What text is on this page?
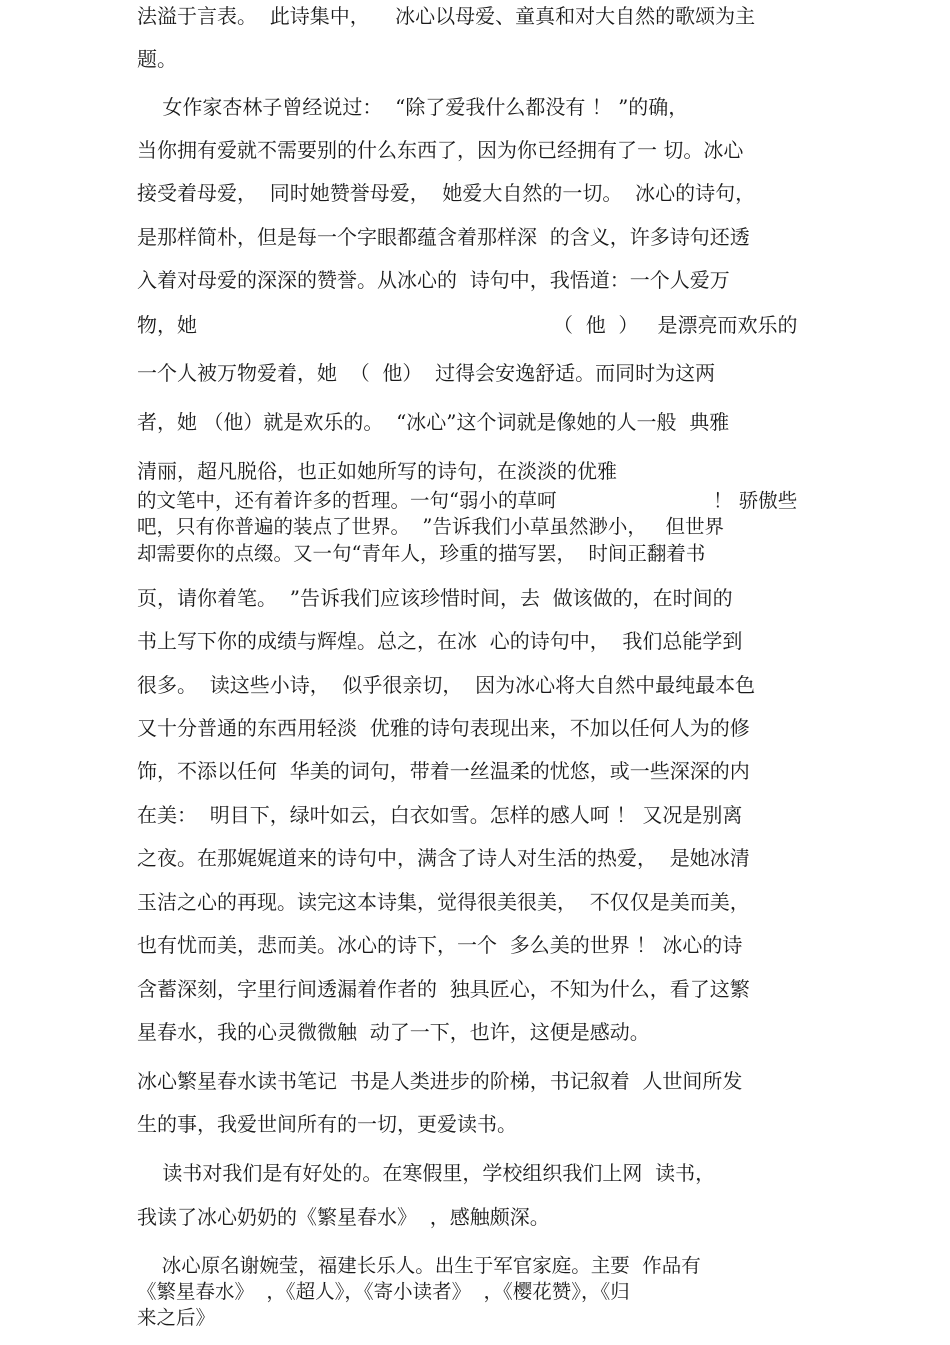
法溢于言表。  此诗集中，    冰心以母爱、童真和对大自然的歌颂为主
题。
女作家杏林子曾经说过：  “除了爱我什么都没有 ！ ”的确，
当你拥有爱就不需要别的什么东西了，因为你已经拥有了一 切。冰心
接受着母爱，  同时她赞誉母爱，  她爱大自然的一切。  冰心的诗句，
是那样简朴，但是每一个字眼都蕴含着那样深  的含义，许多诗句还透
入着对母爱的深深的赞誉。从冰心的  诗句中，我悟道：一个人爱万
物，她	（  他  ）   是漂亮而欢乐的
一个人被万物爱着，她  （  他）  过得会安逸舒适。而同时为这两
者，她 （他）就是欢乐的。  “冰心”这个词就是像她的人一般  典雅
清丽，超凡脱俗，也正如她所写的诗句，在淡淡的优雅
的文笔中，还有着许多的哲理。一句“弱小的草呵	！ 骄傲些
吧，只有你普遍的装点了世界。  ”告诉我们小草虽然渺小，   但世界
却需要你的点缀。又一句“青年人，珍重的描写罢，  时间正翻着书
页，请你着笔。  ”告诉我们应该珍惜时间，去  做该做的，在时间的
书上写下你的成绩与辉煌。总之，在冰  心的诗句中，  我们总能学到
很多。  读这些小诗，  似乎很亲切，  因为冰心将大自然中最纯最本色
又十分普通的东西用轻淡  优雅的诗句表现出来，不加以任何人为的修
饰，不添以任何  华美的词句，带着一丝温柔的忧悠，或一些深深的内
在美：  明目下，绿叶如云，白衣如雪。怎样的感人呵 ！ 又况是别离
之夜。在那娓娓道来的诗句中，满含了诗人对生活的热爱，  是她冰清
玉洁之心的再现。读完这本诗集，觉得很美很美，  不仅仅是美而美，
也有忧而美，悲而美。冰心的诗下，一个  多么美的世界 ！ 冰心的诗
含蓄深刻，字里行间透漏着作者的  独具匠心，不知为什么，看了这繁
星春水，我的心灵微微触  动了一下，也许，这便是感动。
冰心繁星春水读书笔记  书是人类进步的阶梯，书记叙着  人世间所发
生的事，我爱世间所有的一切，更爱读书。
读书对我们是有好处的。在寒假里，学校组织我们上网  读书，
我读了冰心奶奶的《繁星春水》  ，感触颇深。
冰心原名谢婉莹，福建长乐人。出生于军官家庭。主要  作品有
《繁星春水》  ，《超人》，《寄小读者》  ，《樱花赞》，《归
来之后》
